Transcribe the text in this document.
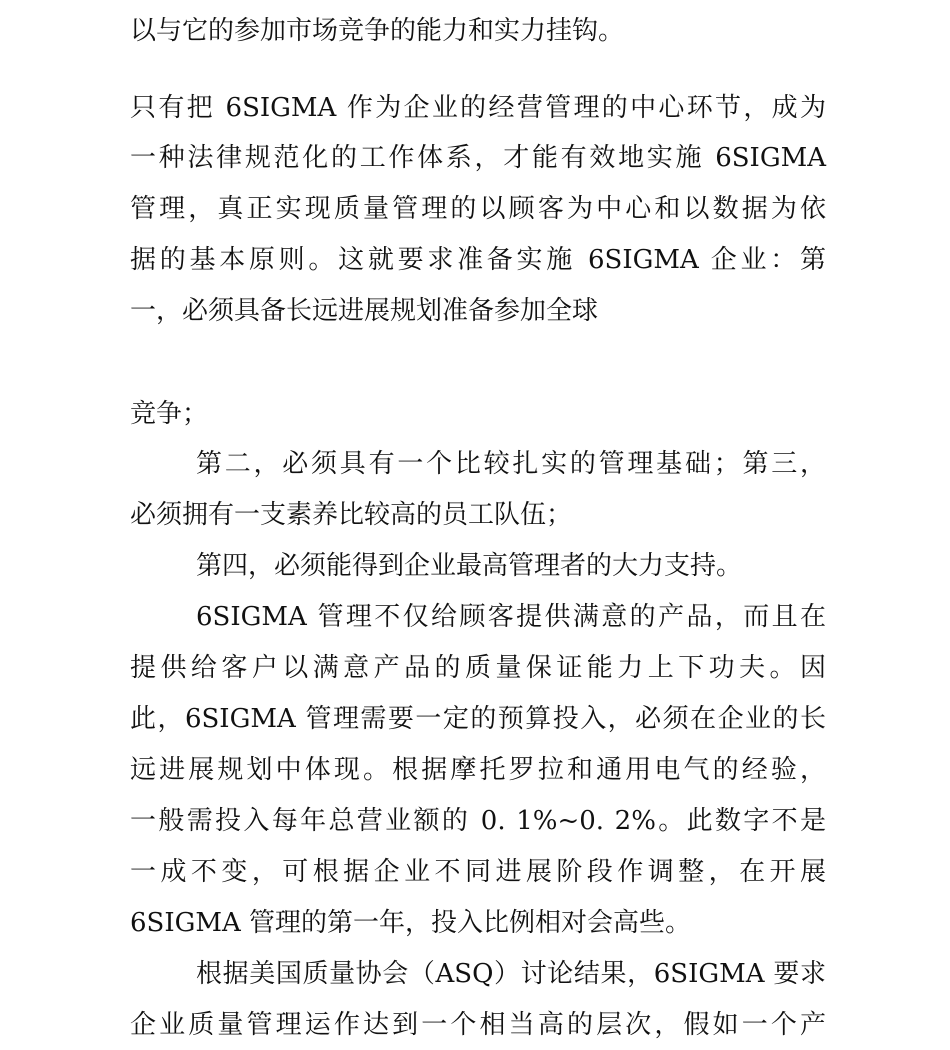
以与它的参加市场竞争的能力和实力挂钩。
只有把 6SIGMA 作为企业的经营管理的中心环节，成为
一种法律规范化的工作体系，才能有效地实施 6SIGMA
管理，真正实现质量管理的以顾客为中心和以数据为依
据的基本原则。这就要求准备实施 6SIGMA 企业：第
一，必须具备长远进展规划准备参加全球
竞争；
第二，必须具有一个比较扎实的管理基础；第三，
必须拥有一支素养比较高的员工队伍；
第四，必须能得到企业最高管理者的大力支持。
6SIGMA 管理不仅给顾客提供满意的产品，而且在
提供给客户以满意产品的质量保证能力上下功夫。因
此，6SIGMA 管理需要一定的预算投入，必须在企业的长
远进展规划中体现。根据摩托罗拉和通用电气的经验，
一般需投入每年总营业额的 0. 1%~0. 2%。此数字不是
一成不变，可根据企业不同进展阶段作调整，在开展
6SIGMA 管理的第一年，投入比例相对会高些。
根据美国质量协会（ASQ）讨论结果，6SIGMA 要求
企业质量管理运作达到一个相当高的层次，假如一个产
